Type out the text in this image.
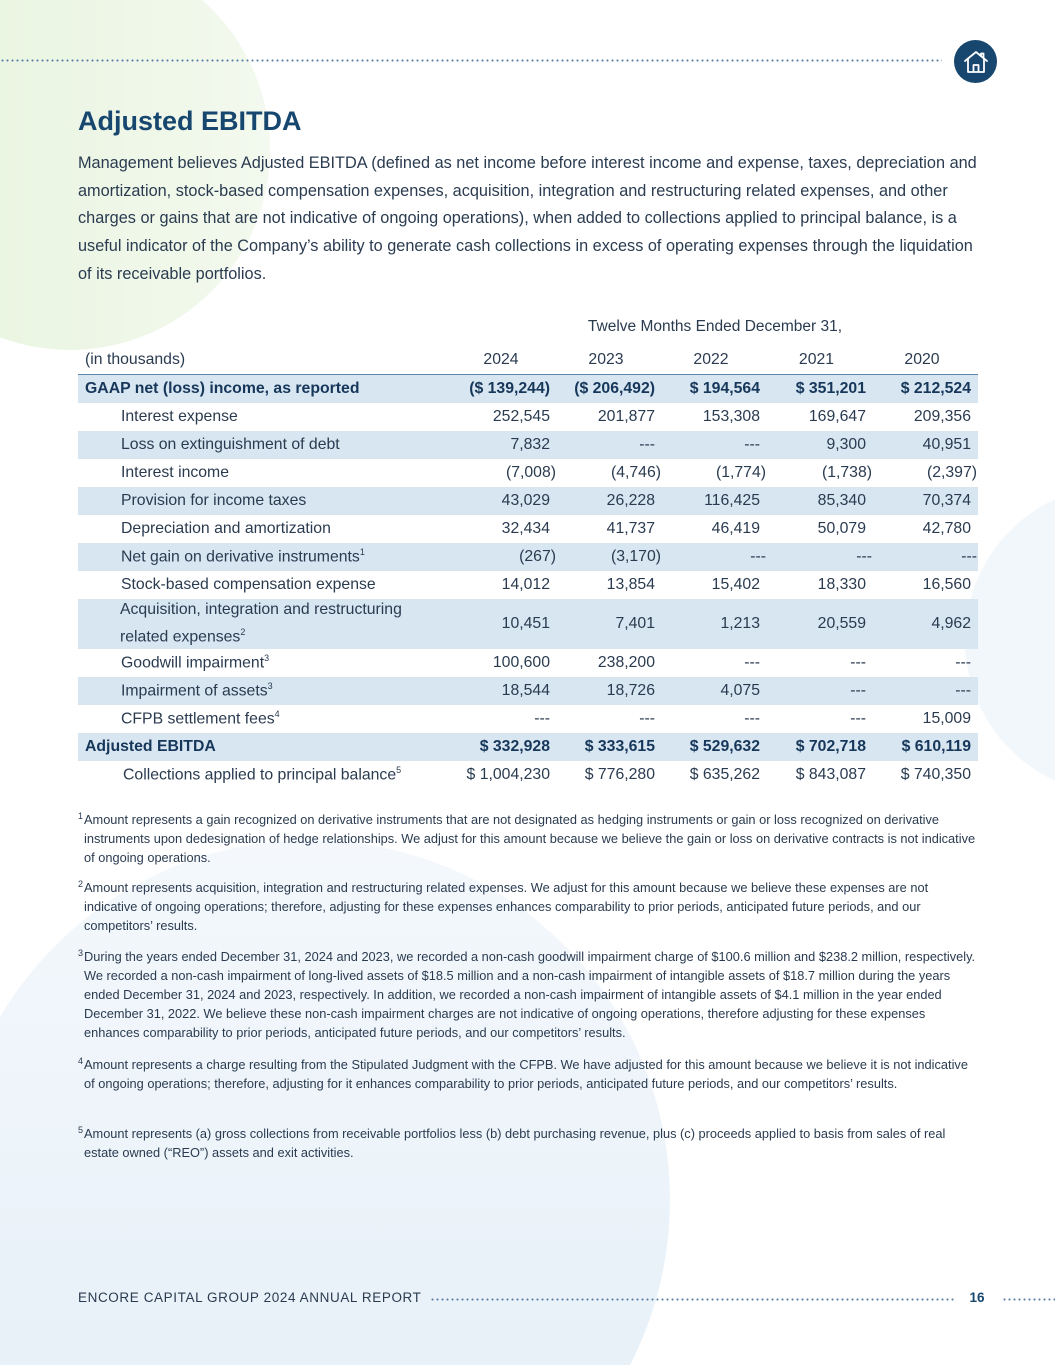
Adjusted EBITDA

Management believes Adjusted EBITDA (defined as net income before interest income and expense, taxes, depreciation and amortization, stock-based compensation expenses, acquisition, integration and restructuring related expenses, and other charges or gains that are not indicative of ongoing operations), when added to collections applied to principal balance, is a useful indicator of the Company’s ability to generate cash collections in excess of operating expenses through the liquidation of its receivable portfolios.

Twelve Months Ended December 31,
(in thousands)	2024	2023	2022	2021	2020
GAAP net (loss) income, as reported	($ 139,244)	($ 206,492)	$ 194,564	$ 351,201	$ 212,524
Interest expense	252,545	201,877	153,308	169,647	209,356
Loss on extinguishment of debt	7,832	---	---	9,300	40,951
Interest income	(7,008)	(4,746)	(1,774)	(1,738)	(2,397)
Provision for income taxes	43,029	26,228	116,425	85,340	70,374
Depreciation and amortization	32,434	41,737	46,419	50,079	42,780
Net gain on derivative instruments$^1$	(267)	(3,170)	---	---	---
Stock-based compensation expense	14,012	13,854	15,402	18,330	16,560
Acquisition, integration and restructuring
related expenses$^2$	10,451	7,401	1,213	20,559	4,962
Goodwill impairment$^3$	100,600	238,200	---	---	---
Impairment of assets$^3$	18,544	18,726	4,075	---	---
CFPB settlement fees$^4$	---	---	---	---	15,009
Adjusted EBITDA	$ 332,928	$ 333,615	$ 529,632	$ 702,718	$ 610,119
Collections applied to principal balance$^5$	$ 1,004,230	$ 776,280	$ 635,262	$ 843,087	$ 740,350

1 Amount represents a gain recognized on derivative instruments that are not designated as hedging instruments or gain or loss recognized on derivative instruments upon dedesignation of hedge relationships. We adjust for this amount because we believe the gain or loss on derivative contracts is not indicative of ongoing operations.

2 Amount represents acquisition, integration and restructuring related expenses. We adjust for this amount because we believe these expenses are not indicative of ongoing operations; therefore, adjusting for these expenses enhances comparability to prior periods, anticipated future periods, and our competitors’ results.

3 During the years ended December 31, 2024 and 2023, we recorded a non-cash goodwill impairment charge of $100.6 million and $238.2 million, respectively. We recorded a non-cash impairment of long-lived assets of $18.5 million and a non-cash impairment of intangible assets of $18.7 million during the years ended December 31, 2024 and 2023, respectively. In addition, we recorded a non-cash impairment of intangible assets of $4.1 million in the year ended December 31, 2022. We believe these non-cash impairment charges are not indicative of ongoing operations, therefore adjusting for these expenses enhances comparability to prior periods, anticipated future periods, and our competitors’ results.

4 Amount represents a charge resulting from the Stipulated Judgment with the CFPB. We have adjusted for this amount because we believe it is not indicative of ongoing operations; therefore, adjusting for it enhances comparability to prior periods, anticipated future periods, and our competitors’ results.

5 Amount represents (a) gross collections from receivable portfolios less (b) debt purchasing revenue, plus (c) proceeds applied to basis from sales of real estate owned (“REO”) assets and exit activities.

ENCORE CAPITAL GROUP 2024 ANNUAL REPORT	16
